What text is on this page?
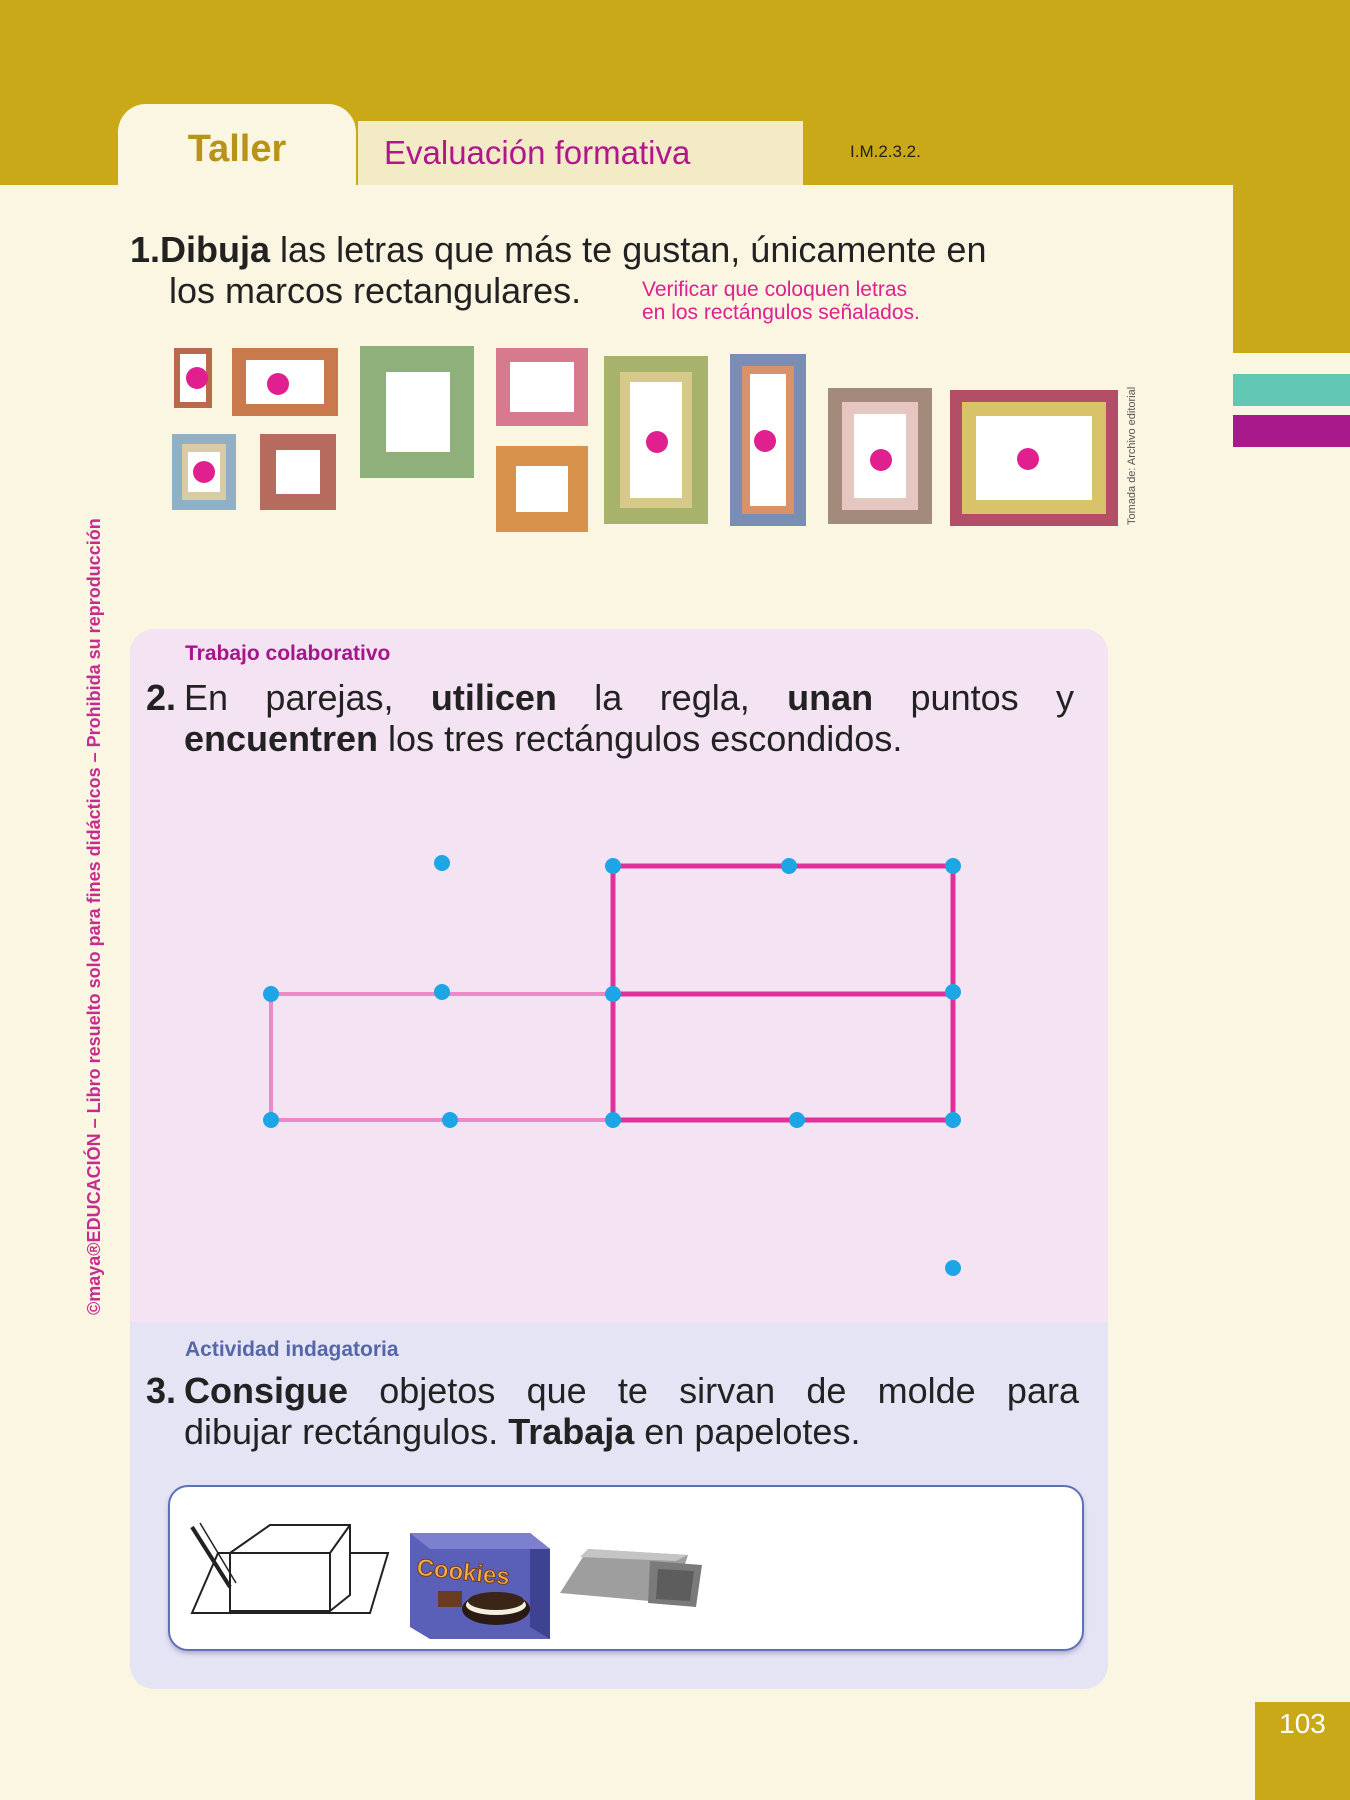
Taller	Evaluación formativa	I.M.2.3.2.
1.Dibuja las letras que más te gustan, únicamente en
los marcos rectangulares.	Verificar que coloquen letras
en los rectángulos señalados.
Tomada de: Archivo editorial
©maya®EDUCACIÓN – Libro resuelto solo para fines didácticos – Prohibida su reproducción	Trabajo colaborativo
2. En parejas, utilicen la regla, unan puntos y
encuentren los tres rectángulos escondidos.
Actividad indagatoria
3. Consigue objetos que te sirvan de molde para
dibujar rectángulos. Trabaja en papelotes.
Cookies
103
